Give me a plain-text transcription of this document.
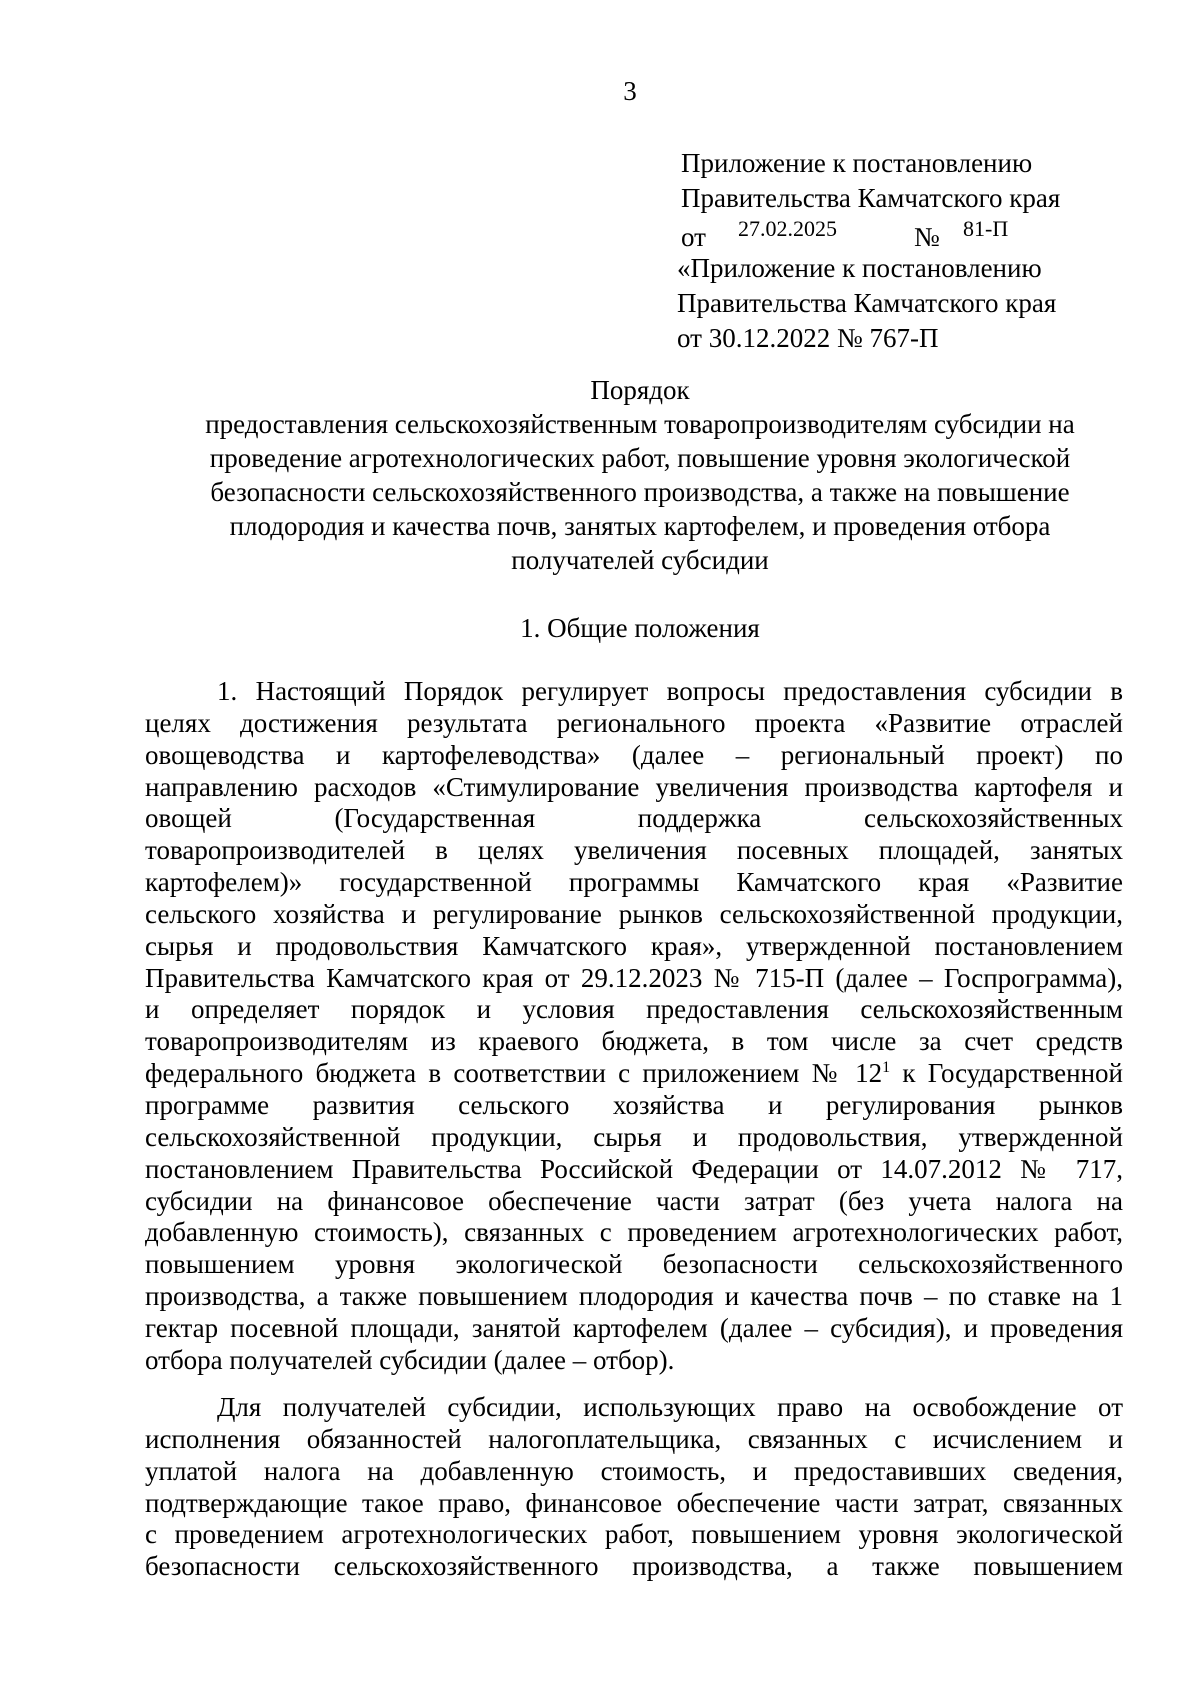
3
Приложение к постановлению
Правительства Камчатского края
от 27.02.2025	№ 81-П
«Приложение к постановлению
Правительства Камчатского края
от 30.12.2022 № 767-П
Порядок
предоставления сельскохозяйственным товаропроизводителям субсидии на
проведение агротехнологических работ, повышение уровня экологической
безопасности сельскохозяйственного производства, а также на повышение
плодородия и качества почв, занятых картофелем, и проведения отбора
получателей субсидии
1. Общие положения
1. Настоящий Порядок регулирует вопросы предоставления субсидии в
целях достижения результата регионального проекта «Развитие отраслей
овощеводства и картофелеводства» (далее – региональный проект) по
направлению расходов «Стимулирование увеличения производства картофеля и
овощей (Государственная поддержка сельскохозяйственных
товаропроизводителей в целях увеличения посевных площадей, занятых
картофелем)» государственной программы Камчатского края «Развитие
сельского хозяйства и регулирование рынков сельскохозяйственной продукции,
сырья и продовольствия Камчатского края», утвержденной постановлением
Правительства Камчатского края от 29.12.2023 № 715-П (далее – Госпрограмма),
и определяет порядок и условия предоставления сельскохозяйственным
товаропроизводителям из краевого бюджета, в том числе за счет средств
федерального бюджета в соответствии с приложением № $12^1$ к Государственной
программе развития сельского хозяйства и регулирования рынков
сельскохозяйственной продукции, сырья и продовольствия, утвержденной
постановлением Правительства Российской Федерации от 14.07.2012 № 717,
субсидии на финансовое обеспечение части затрат (без учета налога на
добавленную стоимость), связанных с проведением агротехнологических работ,
повышением уровня экологической безопасности сельскохозяйственного
производства, а также повышением плодородия и качества почв – по ставке на 1
гектар посевной площади, занятой картофелем (далее – субсидия), и проведения
отбора получателей субсидии (далее – отбор).
Для получателей субсидии, использующих право на освобождение от
исполнения обязанностей налогоплательщика, связанных с исчислением и
уплатой налога на добавленную стоимость, и предоставивших сведения,
подтверждающие такое право, финансовое обеспечение части затрат, связанных
с проведением агротехнологических работ, повышением уровня экологической
безопасности сельскохозяйственного производства, а также повышением
